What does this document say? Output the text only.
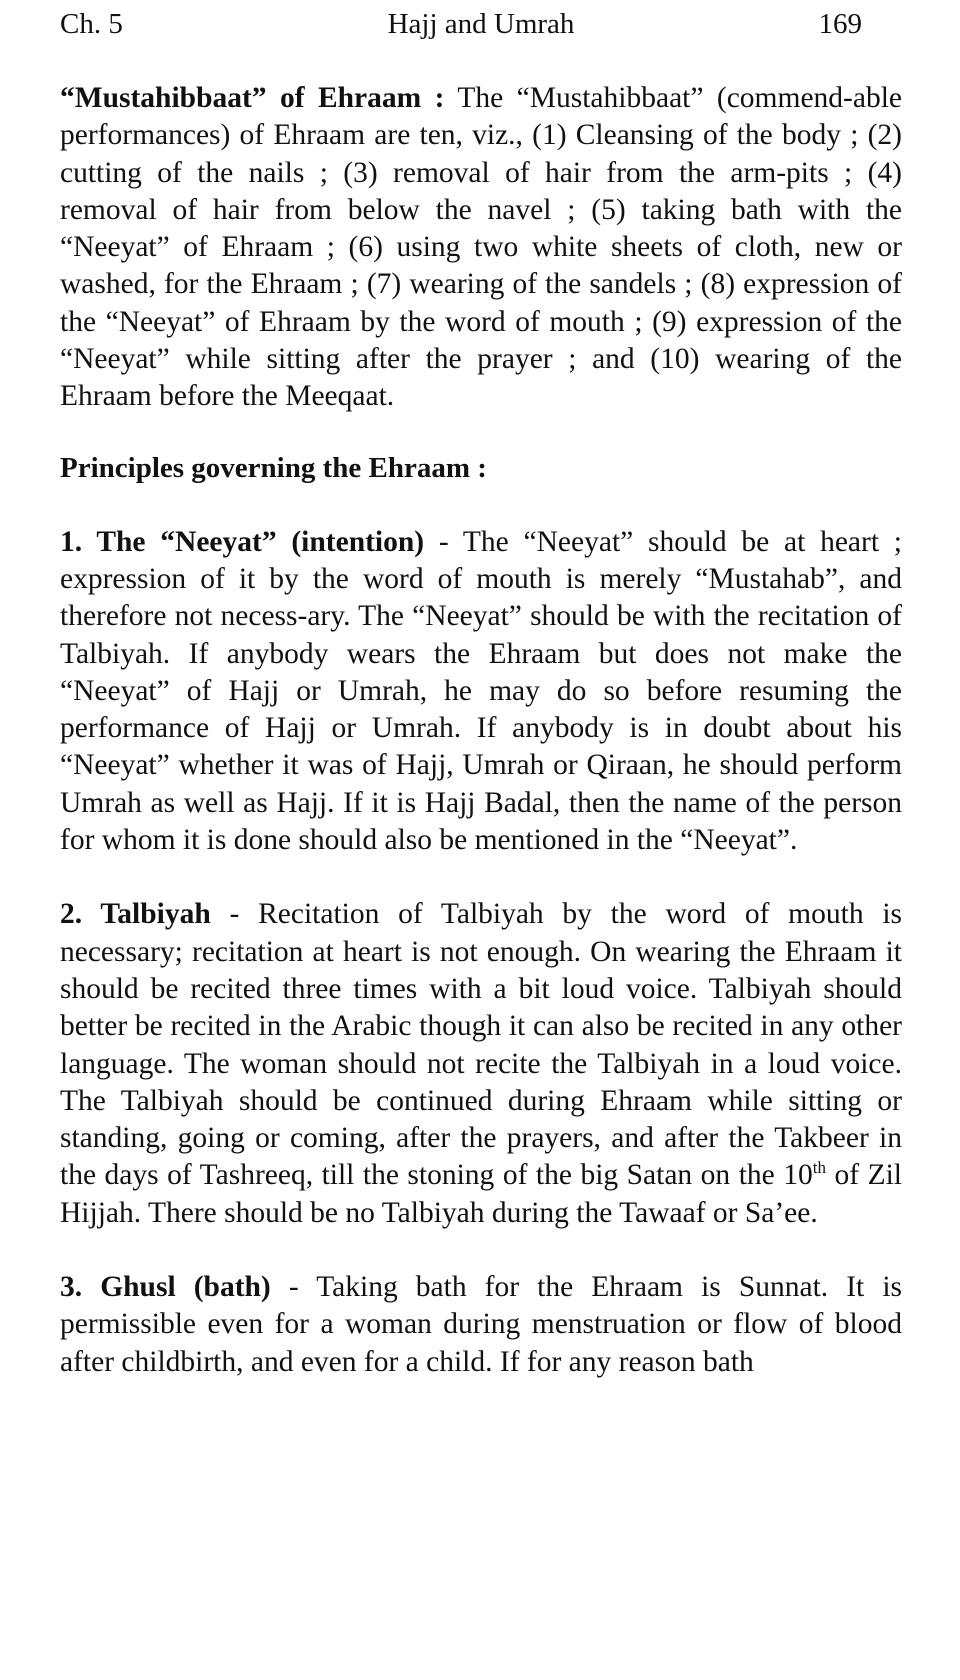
Ch. 5	Hajj and Umrah	169

“Mustahibbaat” of Ehraam : The “Mustahibbaat” (commend-able performances) of Ehraam are ten, viz., (1) Cleansing of the body ; (2) cutting of the nails ; (3) removal of hair from the arm-pits ; (4) removal of hair from below the navel ; (5) taking bath with the “Neeyat” of Ehraam ; (6) using two white sheets of cloth, new or washed, for the Ehraam ; (7) wearing of the sandels ; (8) expression of the “Neeyat” of Ehraam by the word of mouth ; (9) expression of the “Neeyat” while sitting after the prayer ; and (10) wearing of the Ehraam before the Meeqaat.

Principles governing the Ehraam :

1. The “Neeyat” (intention) - The “Neeyat” should be at heart ; expression of it by the word of mouth is merely “Mustahab”, and therefore not necess-ary. The “Neeyat” should be with the recitation of Talbiyah. If anybody wears the Ehraam but does not make the “Neeyat” of Hajj or Umrah, he may do so before resuming the performance of Hajj or Umrah. If anybody is in doubt about his “Neeyat” whether it was of Hajj, Umrah or Qiraan, he should perform Umrah as well as Hajj. If it is Hajj Badal, then the name of the person for whom it is done should also be mentioned in the “Neeyat”.

2. Talbiyah - Recitation of Talbiyah by the word of mouth is necessary; recitation at heart is not enough. On wearing the Ehraam it should be recited three times with a bit loud voice. Talbiyah should better be recited in the Arabic though it can also be recited in any other language. The woman should not recite the Talbiyah in a loud voice. The Talbiyah should be continued during Ehraam while sitting or standing, going or coming, after the prayers, and after the Takbeer in the days of Tashreeq, till the stoning of the big Satan on the 10th of Zil Hijjah. There should be no Talbiyah during the Tawaaf or Sa’ee.

3. Ghusl (bath) - Taking bath for the Ehraam is Sunnat. It is permissible even for a woman during menstruation or flow of blood after childbirth, and even for a child. If for any reason bath
